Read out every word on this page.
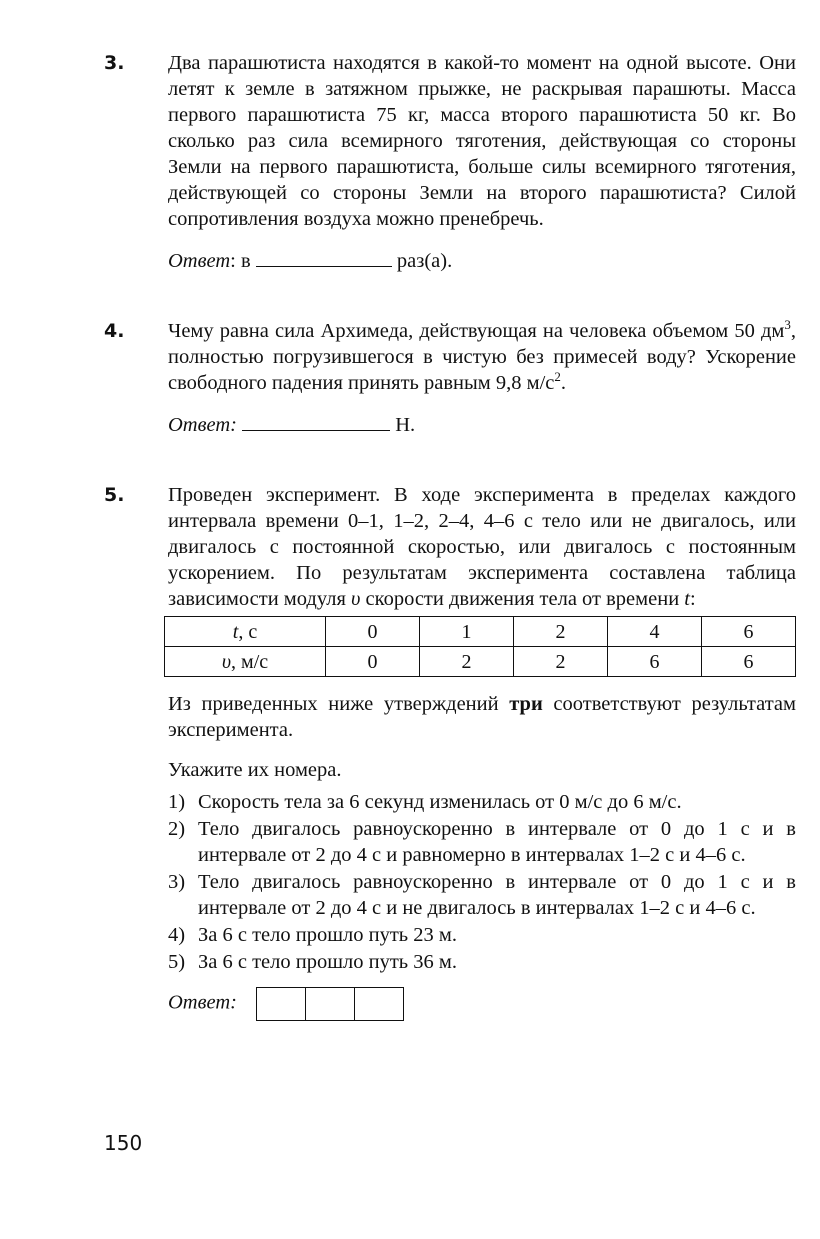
3. Два парашютиста находятся в какой-то момент на одной высоте. Они летят к земле в затяжном прыжке, не раскрывая парашюты. Масса первого парашютиста 75 кг, масса второго парашютиста 50 кг. Во сколько раз сила всемирного тяготения, действующая со стороны Земли на первого парашютиста, больше силы всемирного тяготения, действующей со стороны Земли на второго парашютиста? Силой сопротивления воздуха можно пренебречь.

Ответ: в	раз(а).
4. Чему равна сила Архимеда, действующая на человека объемом 50 $дм^3$, полностью погрузившегося в чистую без примесей воду? Ускорение свободного падения принять равным 9,8 $м/с^2$.

Ответ:	Н.
5. Проведен эксперимент. В ходе эксперимента в пределах каждого интервала времени 0–1, 1–2, 2–4, 4–6 с тело или не двигалось, или двигалось с постоянной скоростью, или двигалось с постоянным ускорением. По результатам эксперимента составлена таблица зависимости модуля υ скорости движения тела от времени t:

t, с	0	1	2	4	6
υ, м/с	0	2	2	6	6

Из приведенных ниже утверждений три соответствуют результатам эксперимента.

Укажите их номера.

1) Скорость тела за 6 секунд изменилась от 0 м/с до 6 м/с.
2) Тело двигалось равноускоренно в интервале от 0 до 1 с и в интервале от 2 до 4 с и равномерно в интервалах 1–2 с и 4–6 с.
3) Тело двигалось равноускоренно в интервале от 0 до 1 с и в интервале от 2 до 4 с и не двигалось в интервалах 1–2 с и 4–6 с.
4) За 6 с тело прошло путь 23 м.
5) За 6 с тело прошло путь 36 м.
Ответ:
150
